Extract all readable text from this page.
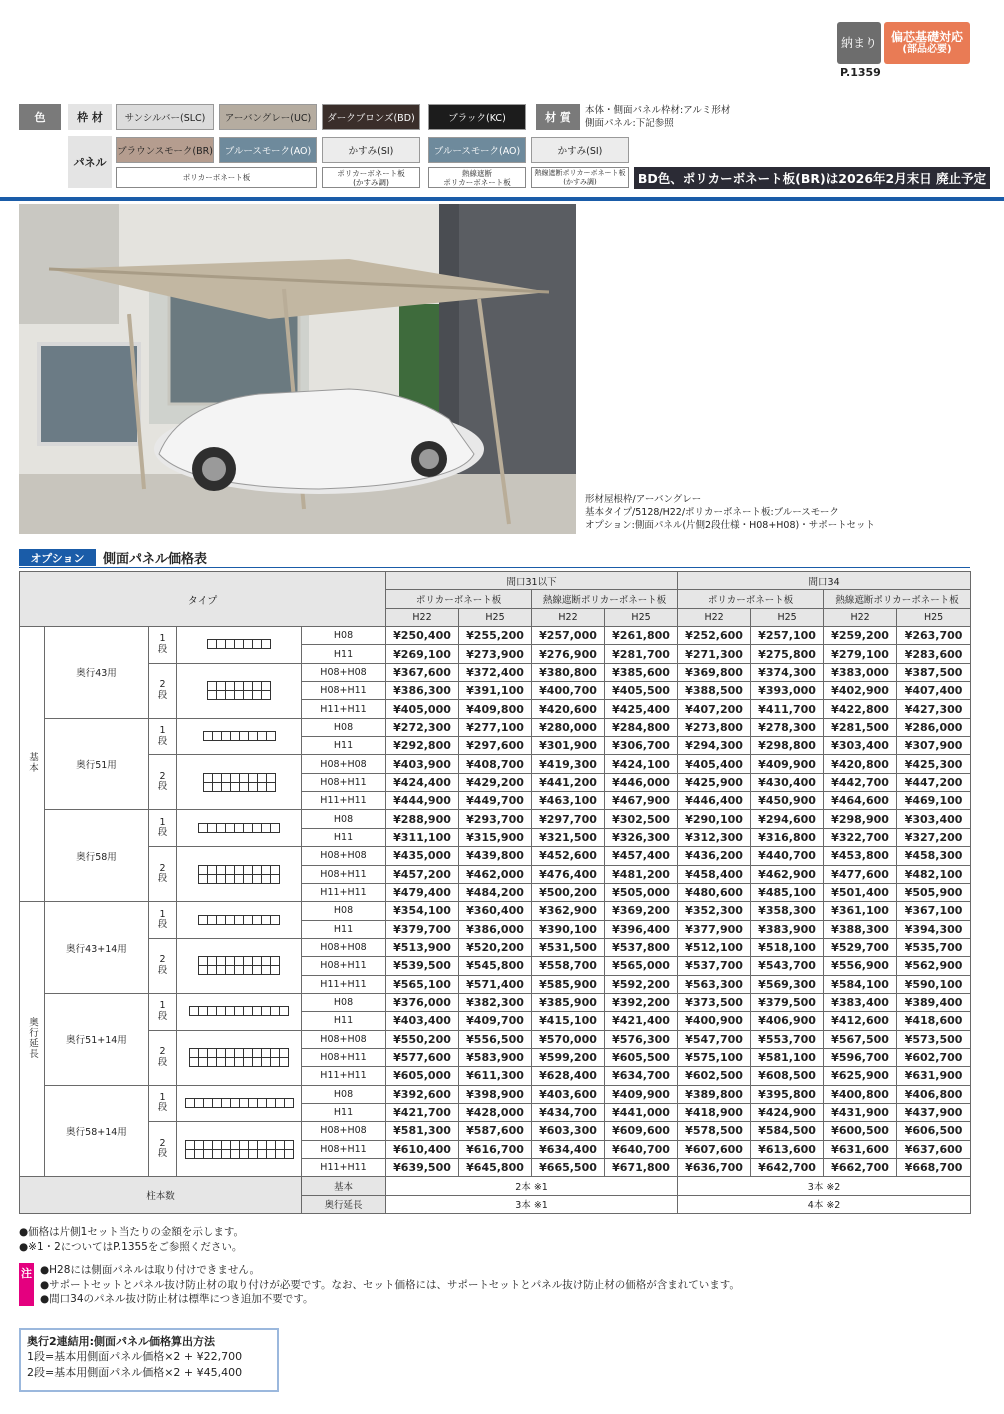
納まり 偏芯基礎対応
(部品必要)
P.1359
色	枠 材
パネル
サンシルバー(SLC)	アーバングレー(UC)	ダークブロンズ(BD)	ブラック(KC)	材 質
本体・側面パネル枠材:アルミ形材
側面パネル:下記参照
ブラウンスモーク(BR)	ブルースモーク(AO)	かすみ(SI)	ブルースモーク(AO)	かすみ(SI)
ポリカーボネート板	ポリカーボネート板
(かすみ調)
熱線遮断
ポリカーボネート板
熱線遮断ポリカーボネート板
(かすみ調)	BD色、ポリカーボネート板(BR)は2026年2月末日 廃止予定
形材屋根枠/アーバングレー
基本タイプ/5128/H22/ポリカーボネート板:ブルースモーク
オプション:側面パネル(片側2段仕様・H08+H08)・サポートセット
オプション	側面パネル価格表
タイプ					間口31以下				間口34			
					ポリカーボネート板		熱線遮断ポリカーボネート板		ポリカーボネート板		熱線遮断ポリカーボネート板	
					H22	H25	H22	H25	H22	H25	H22	H25
基本	奥行43用	1
段		H08	¥250,400	¥255,200	¥257,000	¥261,800	¥252,600	¥257,100	¥259,200	¥263,700
				H11	¥269,100	¥273,900	¥276,900	¥281,700	¥271,300	¥275,800	¥279,100	¥283,600

		2
段		H08+H08	¥367,600	¥372,400	¥380,800	¥385,600	¥369,800	¥374,300	¥383,000	¥387,500
				H08+H11	¥386,300	¥391,100	¥400,700	¥405,500	¥388,500	¥393,000	¥402,900	¥407,400
				H11+H11	¥405,000	¥409,800	¥420,600	¥425,400	¥407,200	¥411,700	¥422,800	¥427,300
	奥行51用	1
段		H08	¥272,300	¥277,100	¥280,000	¥284,800	¥273,800	¥278,300	¥281,500	¥286,000
				H11	¥292,800	¥297,600	¥301,900	¥306,700	¥294,300	¥298,800	¥303,400	¥307,900

		2
段		H08+H08	¥403,900	¥408,700	¥419,300	¥424,100	¥405,400	¥409,900	¥420,800	¥425,300
				H08+H11	¥424,400	¥429,200	¥441,200	¥446,000	¥425,900	¥430,400	¥442,700	¥447,200
				H11+H11	¥444,900	¥449,700	¥463,100	¥467,900	¥446,400	¥450,900	¥464,600	¥469,100
	奥行58用	1
段		H08	¥288,900	¥293,700	¥297,700	¥302,500	¥290,100	¥294,600	¥298,900	¥303,400
				H11	¥311,100	¥315,900	¥321,500	¥326,300	¥312,300	¥316,800	¥322,700	¥327,200

		2
段		H08+H08	¥435,000	¥439,800	¥452,600	¥457,400	¥436,200	¥440,700	¥453,800	¥458,300
				H08+H11	¥457,200	¥462,000	¥476,400	¥481,200	¥458,400	¥462,900	¥477,600	¥482,100
				H11+H11	¥479,400	¥484,200	¥500,200	¥505,000	¥480,600	¥485,100	¥501,400	¥505,900
奥行延長	奥行43+14用	1
段		H08	¥354,100	¥360,400	¥362,900	¥369,200	¥352,300	¥358,300	¥361,100	¥367,100
				H11	¥379,700	¥386,000	¥390,100	¥396,400	¥377,900	¥383,900	¥388,300	¥394,300

		2
段		H08+H08	¥513,900	¥520,200	¥531,500	¥537,800	¥512,100	¥518,100	¥529,700	¥535,700
				H08+H11	¥539,500	¥545,800	¥558,700	¥565,000	¥537,700	¥543,700	¥556,900	¥562,900
				H11+H11	¥565,100	¥571,400	¥585,900	¥592,200	¥563,300	¥569,300	¥584,100	¥590,100
	奥行51+14用	1
段		H08	¥376,000	¥382,300	¥385,900	¥392,200	¥373,500	¥379,500	¥383,400	¥389,400
				H11	¥403,400	¥409,700	¥415,100	¥421,400	¥400,900	¥406,900	¥412,600	¥418,600

		2
段		H08+H08	¥550,200	¥556,500	¥570,000	¥576,300	¥547,700	¥553,700	¥567,500	¥573,500
				H08+H11	¥577,600	¥583,900	¥599,200	¥605,500	¥575,100	¥581,100	¥596,700	¥602,700
				H11+H11	¥605,000	¥611,300	¥628,400	¥634,700	¥602,500	¥608,500	¥625,900	¥631,900
	奥行58+14用	1
段		H08	¥392,600	¥398,900	¥403,600	¥409,900	¥389,800	¥395,800	¥400,800	¥406,800
				H11	¥421,700	¥428,000	¥434,700	¥441,000	¥418,900	¥424,900	¥431,900	¥437,900

		2
段		H08+H08	¥581,300	¥587,600	¥603,300	¥609,600	¥578,500	¥584,500	¥600,500	¥606,500
				H08+H11	¥610,400	¥616,700	¥634,400	¥640,700	¥607,600	¥613,600	¥631,600	¥637,600
				H11+H11	¥639,500	¥645,800	¥665,500	¥671,800	¥636,700	¥642,700	¥662,700	¥668,700
柱本数				基本	2本 ※1				3本 ※2			
				奥行延長	3本 ※1				4本 ※2			
●価格は片側1セット当たりの金額を示します。
●※1・2についてはP.1355をご参照ください。
注 ●H28には側面パネルは取り付けできません。
●サポートセットとパネル抜け防止材の取り付けが必要です。なお、セット価格には、サポートセットとパネル抜け防止材の価格が含まれています。
●間口34のパネル抜け防止材は標準につき追加不要です。
奥行2連結用:側面パネル価格算出方法
1段=基本用側面パネル価格×2 + ¥22,700
2段=基本用側面パネル価格×2 + ¥45,400
